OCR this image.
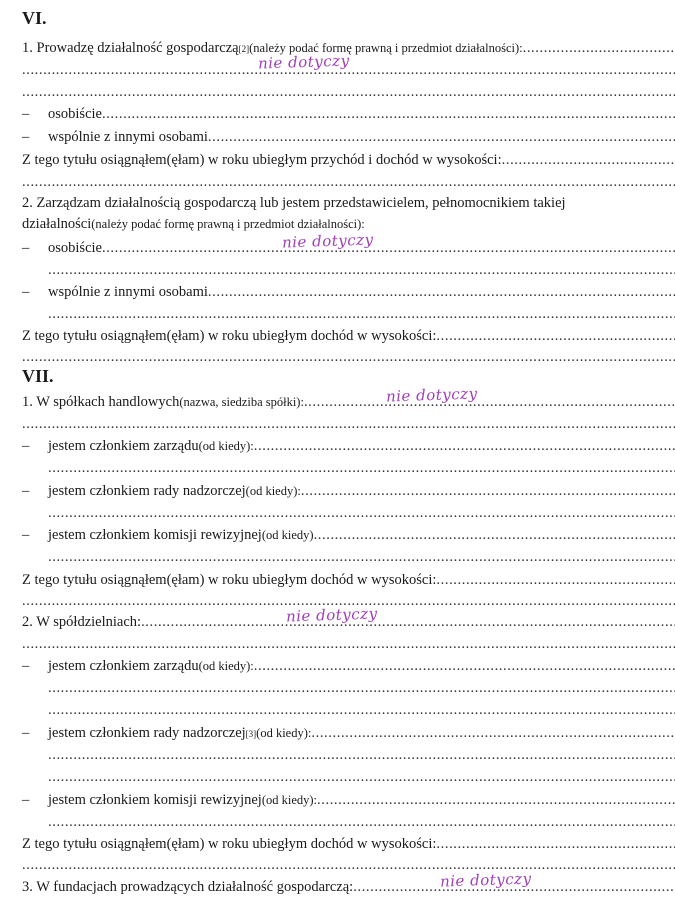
VI.
1. Prowadzę działalność gospodarczą [2] (należy podać formę prawną i przedmiot działalności):
.....
.....
nie dotyczy
.....
–	osobiście
.....
–	wspólnie z innymi osobami
.....
Z tego tytułu osiągnąłem(ęłam) w roku ubiegłym przychód i dochód w wysokości:
.....
.....
2. Zarządzam działalnością gospodarczą lub jestem przedstawicielem, pełnomocnikiem takiej
działalności (należy podać formę prawną i przedmiot działalności):
–	osobiście .....	nie dotyczy
.....
–	wspólnie z innymi osobami
.....
.....
Z tego tytułu osiągnąłem(ęłam) w roku ubiegłym dochód w wysokości:
.....
.....
VII.
1. W spółkach handlowych (nazwa, siedziba spółki): .....	nie dotyczy
.....
–	jestem członkiem zarządu (od kiedy):
.....
.....
–	jestem członkiem rady nadzorczej (od kiedy):
.....
.....
–	jestem członkiem komisji rewizyjnej (od kiedy)
.....
.....
Z tego tytułu osiągnąłem(ęłam) w roku ubiegłym dochód w wysokości:
.....
.....
2. W spółdzielniach: .....	nie dotyczy
.....
–	jestem członkiem zarządu (od kiedy):
.....
.....
.....
–	jestem członkiem rady nadzorczej [3] (od kiedy):
.....
.....
.....
–	jestem członkiem komisji rewizyjnej (od kiedy):
.....
.....
Z tego tytułu osiągnąłem(ęłam) w roku ubiegłym dochód w wysokości:
.....
.....
3. W fundacjach prowadzących działalność gospodarczą: .....	nie dotyczy
